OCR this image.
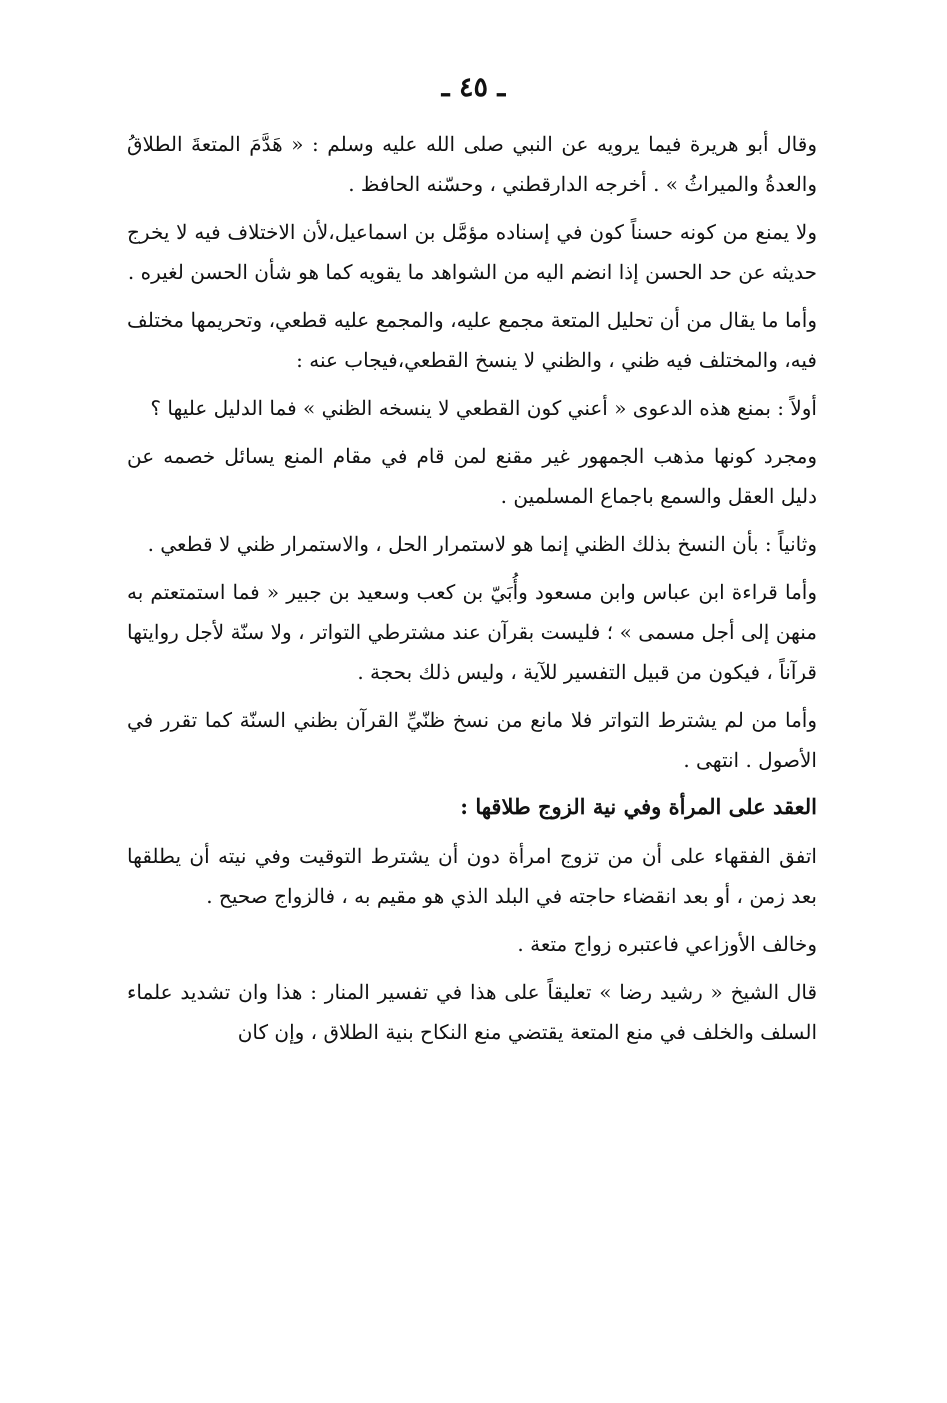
ـ ٤٥ ـ

وقال أبو هريرة فيما يرويه عن النبي صلى الله عليه وسلم : « هَدَّمَ المتعةَ الطلاقُ والعدةُ والميراثُ » . أخرجه الدارقطني ، وحسّنه الحافظ .

ولا يمنع من كونه حسناً كون في إسناده مؤمَّل بن اسماعيل،لأن الاختلاف فيه لا يخرج حديثه عن حد الحسن إذا انضم اليه من الشواهد ما يقويه كما هو شأن الحسن لغيره .

وأما ما يقال من أن تحليل المتعة مجمع عليه، والمجمع عليه قطعي، وتحريمها مختلف فيه، والمختلف فيه ظني ، والظني لا ينسخ القطعي،فيجاب عنه :

أولاً : بمنع هذه الدعوى « أعني كون القطعي لا ينسخه الظني » فما الدليل عليها ؟

ومجرد كونها مذهب الجمهور غير مقنع لمن قام في مقام المنع يسائل خصمه عن دليل العقل والسمع باجماع المسلمين .

وثانياً : بأن النسخ بذلك الظني إنما هو لاستمرار الحل ، والاستمرار ظني لا قطعي .

وأما قراءة ابن عباس وابن مسعود وأُبَيّ بن كعب وسعيد بن جبير « فما استمتعتم به منهن إلى أجل مسمى » ؛ فليست بقرآن عند مشترطي التواتر ، ولا سنّة لأجل روايتها قرآناً ، فيكون من قبيل التفسير للآية ، وليس ذلك بحجة .

وأما من لم يشترط التواتر فلا مانع من نسخ ظنّيِّ القرآن بظني السنّة كما تقرر في الأصول . انتهى .

العقد على المرأة وفي نية الزوج طلاقها :

اتفق الفقهاء على أن من تزوج امرأة دون أن يشترط التوقيت وفي نيته أن يطلقها بعد زمن ، أو بعد انقضاء حاجته في البلد الذي هو مقيم به ، فالزواج صحيح .

وخالف الأوزاعي فاعتبره زواج متعة .

قال الشيخ « رشيد رضا » تعليقاً على هذا في تفسير المنار : هذا وان تشديد علماء السلف والخلف في منع المتعة يقتضي منع النكاح بنية الطلاق ، وإن كان
